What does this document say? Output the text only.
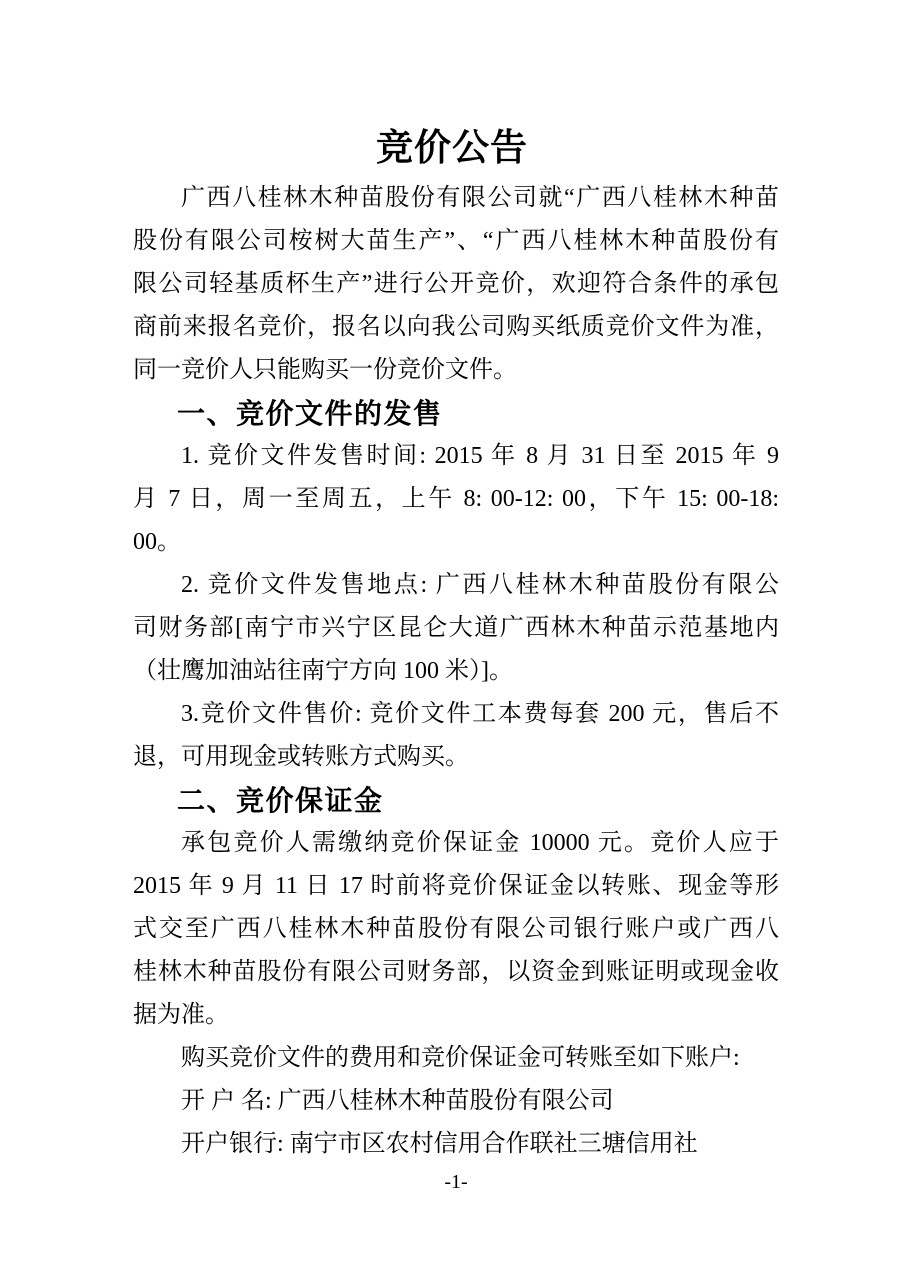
竞价公告
广西八桂林木种苗股份有限公司就“广西八桂林木种苗
股份有限公司桉树大苗生产”、“广西八桂林木种苗股份有
限公司轻基质杯生产”进行公开竞价，欢迎符合条件的承包
商前来报名竞价，报名以向我公司购买纸质竞价文件为准，
同一竞价人只能购买一份竞价文件。
一、竞价文件的发售
1. 竞价文件发售时间: 2015 年 8 月 31 日至 2015 年 9
月 7 日，周一至周五，上午 8: 00-12: 00，下午 15: 00-18:
00。
2. 竞价文件发售地点: 广西八桂林木种苗股份有限公
司财务部[南宁市兴宁区昆仑大道广西林木种苗示范基地内
（壮鹰加油站往南宁方向 100 米）]。
3.竞价文件售价: 竞价文件工本费每套 200 元，售后不
退，可用现金或转账方式购买。
二、竞价保证金
承包竞价人需缴纳竞价保证金 10000 元。竞价人应于
2015 年 9 月 11 日 17 时前将竞价保证金以转账、现金等形
式交至广西八桂林木种苗股份有限公司银行账户或广西八
桂林木种苗股份有限公司财务部，以资金到账证明或现金收
据为准。
购买竞价文件的费用和竞价保证金可转账至如下账户:
开 户 名: 广西八桂林木种苗股份有限公司
开户银行: 南宁市区农村信用合作联社三塘信用社
-1-
